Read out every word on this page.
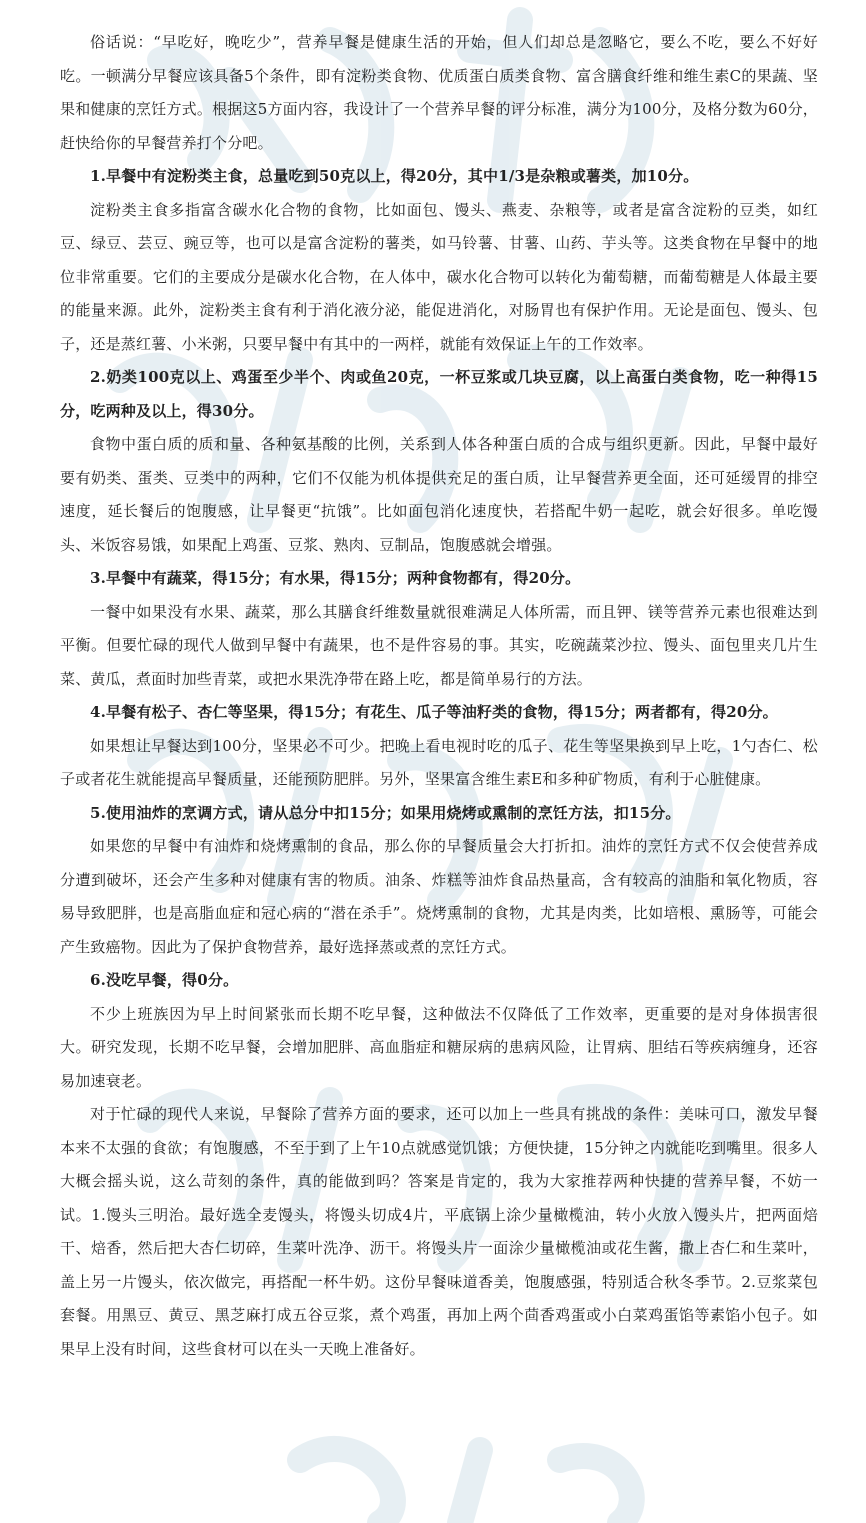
俗话说：“早吃好，晚吃少”，营养早餐是健康生活的开始，但人们却总是忽略它，要么不吃，要么不好好吃。一顿满分早餐应该具备5个条件，即有淀粉类食物、优质蛋白质类食物、富含膳食纤维和维生素C的果蔬、坚果和健康的烹饪方式。根据这5方面内容，我设计了一个营养早餐的评分标准，满分为100分，及格分数为60分，赶快给你的早餐营养打个分吧。

1.早餐中有淀粉类主食，总量吃到50克以上，得20分，其中1/3是杂粮或薯类，加10分。

淀粉类主食多指富含碳水化合物的食物，比如面包、馒头、燕麦、杂粮等，或者是富含淀粉的豆类，如红豆、绿豆、芸豆、豌豆等，也可以是富含淀粉的薯类，如马铃薯、甘薯、山药、芋头等。这类食物在早餐中的地位非常重要。它们的主要成分是碳水化合物，在人体中，碳水化合物可以转化为葡萄糖，而葡萄糖是人体最主要的能量来源。此外，淀粉类主食有利于消化液分泌，能促进消化，对肠胃也有保护作用。无论是面包、馒头、包子，还是蒸红薯、小米粥，只要早餐中有其中的一两样，就能有效保证上午的工作效率。

2.奶类100克以上、鸡蛋至少半个、肉或鱼20克，一杯豆浆或几块豆腐，以上高蛋白类食物，吃一种得15分，吃两种及以上，得30分。

食物中蛋白质的质和量、各种氨基酸的比例，关系到人体各种蛋白质的合成与组织更新。因此，早餐中最好要有奶类、蛋类、豆类中的两种，它们不仅能为机体提供充足的蛋白质，让早餐营养更全面，还可延缓胃的排空速度，延长餐后的饱腹感，让早餐更“抗饿”。比如面包消化速度快，若搭配牛奶一起吃，就会好很多。单吃馒头、米饭容易饿，如果配上鸡蛋、豆浆、熟肉、豆制品，饱腹感就会增强。

3.早餐中有蔬菜，得15分；有水果，得15分；两种食物都有，得20分。

一餐中如果没有水果、蔬菜，那么其膳食纤维数量就很难满足人体所需，而且钾、镁等营养元素也很难达到平衡。但要忙碌的现代人做到早餐中有蔬果，也不是件容易的事。其实，吃碗蔬菜沙拉、馒头、面包里夹几片生菜、黄瓜，煮面时加些青菜，或把水果洗净带在路上吃，都是简单易行的方法。

4.早餐有松子、杏仁等坚果，得15分；有花生、瓜子等油籽类的食物，得15分；两者都有，得20分。

如果想让早餐达到100分，坚果必不可少。把晚上看电视时吃的瓜子、花生等坚果换到早上吃，1勺杏仁、松子或者花生就能提高早餐质量，还能预防肥胖。另外，坚果富含维生素E和多种矿物质，有利于心脏健康。

5.使用油炸的烹调方式，请从总分中扣15分；如果用烧烤或熏制的烹饪方法，扣15分。

如果您的早餐中有油炸和烧烤熏制的食品，那么你的早餐质量会大打折扣。油炸的烹饪方式不仅会使营养成分遭到破坏，还会产生多种对健康有害的物质。油条、炸糕等油炸食品热量高，含有较高的油脂和氧化物质，容易导致肥胖，也是高脂血症和冠心病的“潜在杀手”。烧烤熏制的食物，尤其是肉类，比如培根、熏肠等，可能会产生致癌物。因此为了保护食物营养，最好选择蒸或煮的烹饪方式。

6.没吃早餐，得0分。

不少上班族因为早上时间紧张而长期不吃早餐，这种做法不仅降低了工作效率，更重要的是对身体损害很大。研究发现，长期不吃早餐，会增加肥胖、高血脂症和糖尿病的患病风险，让胃病、胆结石等疾病缠身，还容易加速衰老。

对于忙碌的现代人来说，早餐除了营养方面的要求，还可以加上一些具有挑战的条件：美味可口，激发早餐本来不太强的食欲；有饱腹感，不至于到了上午10点就感觉饥饿；方便快捷，15分钟之内就能吃到嘴里。很多人大概会摇头说，这么苛刻的条件，真的能做到吗？答案是肯定的，我为大家推荐两种快捷的营养早餐，不妨一试。1.馒头三明治。最好选全麦馒头，将馒头切成4片，平底锅上涂少量橄榄油，转小火放入馒头片，把两面焙干、焙香，然后把大杏仁切碎，生菜叶洗净、沥干。将馒头片一面涂少量橄榄油或花生酱，撒上杏仁和生菜叶，盖上另一片馒头，依次做完，再搭配一杯牛奶。这份早餐味道香美，饱腹感强，特别适合秋冬季节。2.豆浆菜包套餐。用黑豆、黄豆、黑芝麻打成五谷豆浆，煮个鸡蛋，再加上两个茴香鸡蛋或小白菜鸡蛋馅等素馅小包子。如果早上没有时间，这些食材可以在头一天晚上准备好。
